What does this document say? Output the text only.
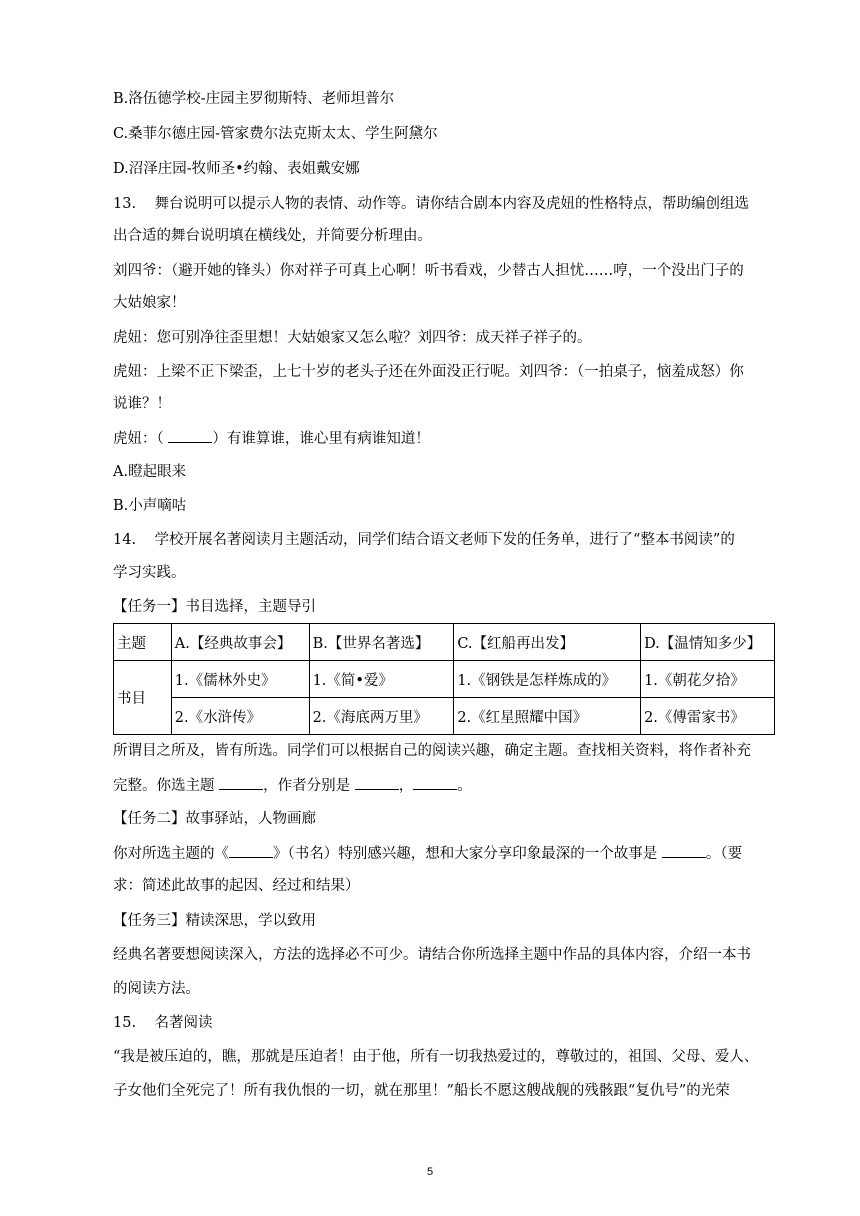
B.洛伍德学校-庄园主罗彻斯特、老师坦普尔
C.桑菲尔德庄园-管家费尔法克斯太太、学生阿黛尔
D.沼泽庄园-牧师圣•约翰、表姐戴安娜
13. 舞台说明可以提示人物的表情、动作等。请你结合剧本内容及虎妞的性格特点，帮助编创组选
出合适的舞台说明填在横线处，并简要分析理由。
刘四爷：（避开她的锋头）你对祥子可真上心啊！听书看戏，少替古人担忧……哼，一个没出门子的
大姑娘家！
虎妞：您可别净往歪里想！大姑娘家又怎么啦？刘四爷：成天祥子祥子的。
虎妞：上梁不正下梁歪，上七十岁的老头子还在外面没正行呢。刘四爷：（一拍桌子，恼羞成怒）你
说谁？！
虎妞：（	）有谁算谁，谁心里有病谁知道！
A.瞪起眼来
B.小声嘀咕
14. 学校开展名著阅读月主题活动，同学们结合语文老师下发的任务单，进行了“整本书阅读”的
学习实践。
【任务一】书目选择，主题导引
主题	A.【经典故事会】	B.【世界名著选】	C.【红船再出发】	D.【温情知多少】
书目	1.《儒林外史》	1.《简•爱》	1.《钢铁是怎样炼成的》	1.《朝花夕拾》
	2.《水浒传》	2.《海底两万里》	2.《红星照耀中国》	2.《傅雷家书》
所谓目之所及，皆有所选。同学们可以根据自己的阅读兴趣，确定主题。查找相关资料，将作者补充
完整。你选主题	，作者分别是	，	。
【任务二】故事驿站，人物画廊
你对所选主题的《	》（书名）特别感兴趣，想和大家分享印象最深的一个故事是	。（要
求：简述此故事的起因、经过和结果）
【任务三】精读深思，学以致用
经典名著要想阅读深入，方法的选择必不可少。请结合你所选择主题中作品的具体内容，介绍一本书
的阅读方法。
15. 名著阅读
“我是被压迫的，瞧，那就是压迫者！由于他，所有一切我热爱过的，尊敬过的，祖国、父母、爱人、
子女他们全死完了！所有我仇恨的一切，就在那里！”船长不愿这艘战舰的残骸跟“复仇号”的光荣
5
